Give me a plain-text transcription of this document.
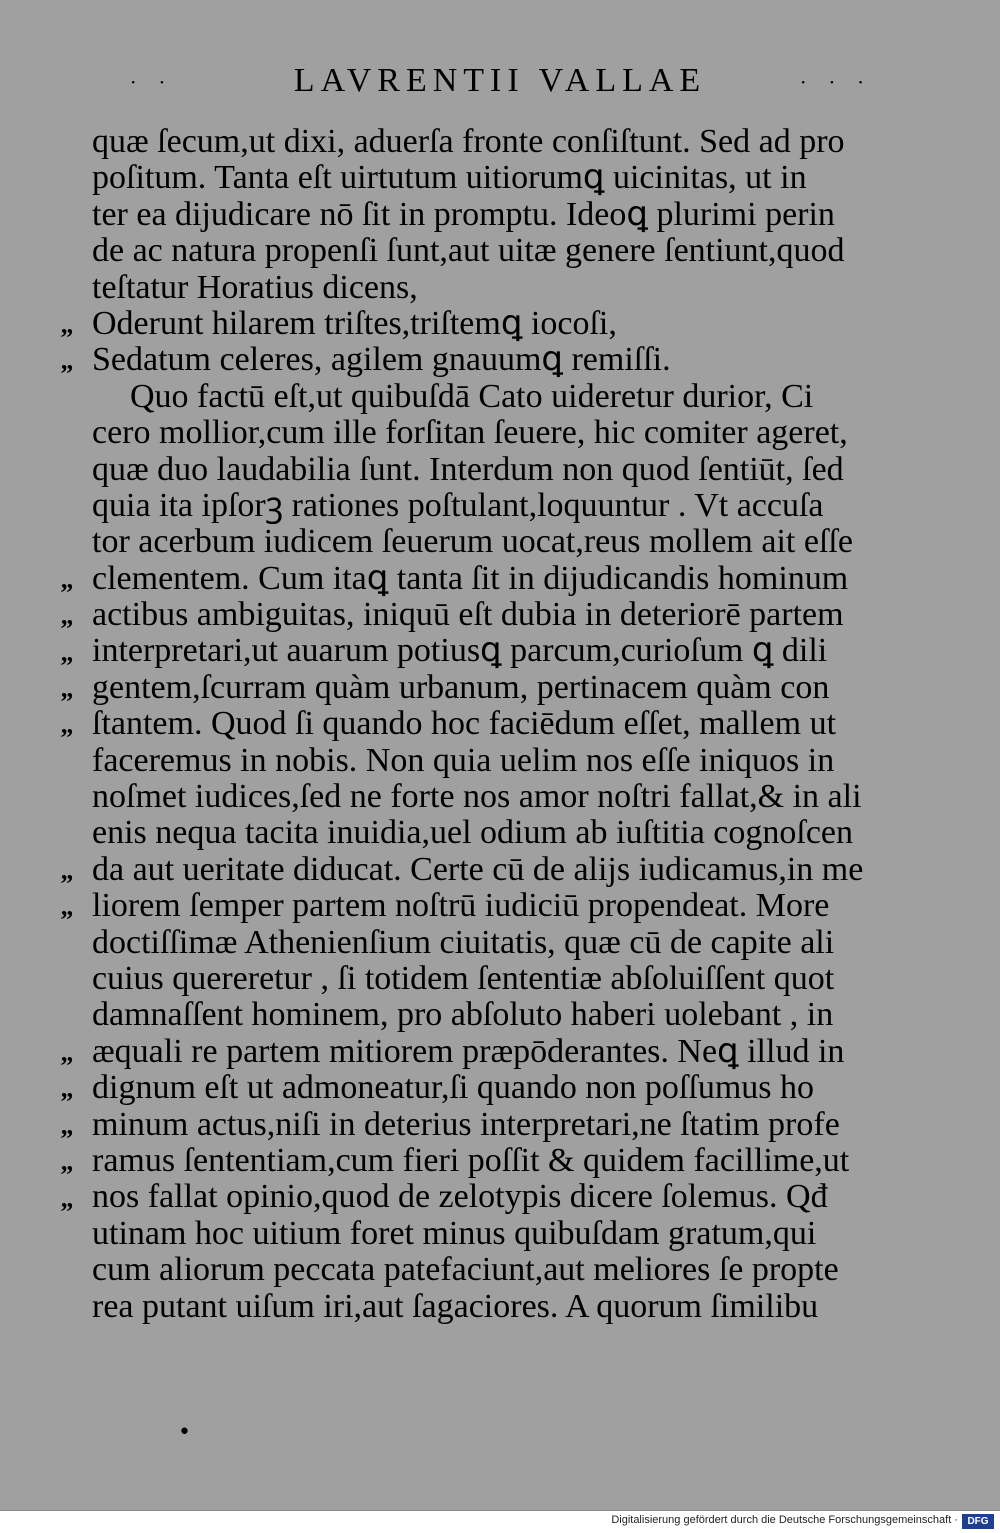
· ·	LAVRENTII VALLAE	· · ·
quæ ſecum,ut dixi, aduerſa fronte conſiſtunt. Sed ad pro
poſitum. Tanta eſt uirtutum uitiorumꝗ uicinitas, ut in
ter ea dijudicare nō ſit in promptu. Ideoꝗ plurimi perin
de ac natura propenſi ſunt,aut uitæ genere ſentiunt,quod
teſtatur Horatius dicens,
Oderunt hilarem triſtes,triſtemꝗ iocoſi,
Sedatum celeres, agilem gnauumꝗ remiſſi.
Quo factū eſt,ut quibuſdā Cato uideretur durior, Ci
cero mollior,cum ille forſitan ſeuere, hic comiter ageret,
quæ duo laudabilia ſunt. Interdum non quod ſentiūt, ſed
quia ita ipſorꝫ rationes poſtulant,loquuntur . Vt accuſa
tor acerbum iudicem ſeuerum uocat,reus mollem ait eſſe
clementem. Cum itaꝗ tanta ſit in dijudicandis hominum
actibus ambiguitas, iniquū eſt dubia in deteriorē partem
interpretari,ut auarum potiusꝗ parcum,curioſum ꝗ dili
gentem,ſcurram quàm urbanum, pertinacem quàm con
ſtantem. Quod ſi quando hoc faciēdum eſſet, mallem ut
faceremus in nobis. Non quia uelim nos eſſe iniquos in
noſmet iudices,ſed ne forte nos amor noſtri fallat,& in ali
enis nequa tacita inuidia,uel odium ab iuſtitia cognoſcen
da aut ueritate diducat. Certe cū de alijs iudicamus,in me
liorem ſemper partem noſtrū iudiciū propendeat. More
doctiſſimæ Athenienſium ciuitatis, quæ cū de capite ali
cuius quereretur , ſi totidem ſententiæ abſoluiſſent quot
damnaſſent hominem, pro abſoluto haberi uolebant , in
æquali re partem mitiorem præpōderantes. Neꝗ illud in
dignum eſt ut admoneatur,ſi quando non poſſumus ho
minum actus,niſi in deterius interpretari,ne ſtatim profe
ramus ſententiam,cum fieri poſſit & quidem facillime,ut
nos fallat opinio,quod de zelotypis dicere ſolemus. Qđ
utinam hoc uitium foret minus quibuſdam gratum,qui
cum aliorum peccata patefaciunt,aut meliores ſe propte
rea putant uiſum iri,aut ſagaciores. A quorum ſimilibu
•
„
„
„
„
„
„
„
„
„
„
„
„
„
„
Digitalisierung gefördert durch die Deutsche Forschungsgemeinschaft · DFG
